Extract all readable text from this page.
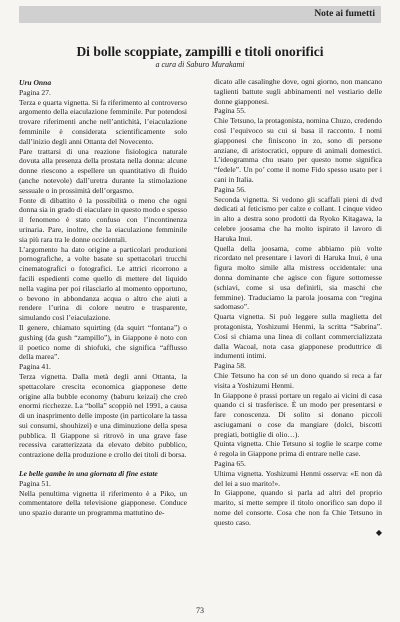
Note ai fumetti
Di bolle scoppiate, zampilli e titoli onorifici
a cura di Saburo Murakami

Uru Onna

Pagina 27.

Terza e quarta vignetta. Si fa riferimento al controverso argomento della eiaculazione femminile. Pur potendosi trovare riferimenti anche nell’antichità, l’eiaculazione femminile è considerata scientificamente solo dall’inizio degli anni Ottanta del Novecento.

Pare trattarsi di una reazione fisiologica naturale dovuta alla presenza della prostata nella donna: alcune donne riescono a espellere un quantitativo di fluido (anche notevole) dall’uretra durante la stimolazione sessuale o in prossimità dell’orgasmo.

Fonte di dibattito è la possibilità o meno che ogni donna sia in grado di eiaculare in questo modo e spesso il fenomeno è stato confuso con l’incontinenza urinaria. Pare, inoltre, che la eiaculazione femminile sia più rara tra le donne occidentali.

L’argomento ha dato origine a particolari produzioni pornografiche, a volte basate su spettacolari trucchi cinematografici o fotografici. Le attrici ricorrono a facili espedienti come quello di mettere del liquido nella vagina per poi rilasciarlo al momento opportuno, o bevono in abbondanza acqua o altro che aiuti a rendere l’urina di colore neutro e trasparente, simulando così l’eiaculazione.

Il genere, chiamato squirting (da squirt “fontana”) o gushing (da gush “zampillo”), in Giappone è noto con il poetico nome di shiofuki, che significa “afflusso della marea”.

Pagina 41.

Terza vignetta. Dalla metà degli anni Ottanta, la spettacolare crescita economica giapponese dette origine alla bubble economy (baburu keizai) che creò enormi ricchezze. La “bolla” scoppiò nel 1991, a causa di un inasprimento delle imposte (in particolare la tassa sui consumi, shouhizei) e una diminuzione della spesa pubblica. Il Giappone si ritrovò in una grave fase recessiva caratterizzata da elevato debito pubblico, contrazione della produzione e crollo dei titoli di borsa.

Le belle gambe in una giornata di fine estate

Pagina 51.

Nella penultima vignetta il riferimento è a Piko, un commentatore della televisione giapponese. Conduce uno spazio durante un programma mattutino de-

dicato alle casalinghe dove, ogni giorno, non mancano taglienti battute sugli abbinamenti nel vestiario delle donne giapponesi.

Pagina 55.

Chie Tetsuno, la protagonista, nomina Chuzo, credendo così l’equivoco su cui si basa il racconto. I nomi giapponesi che finiscono in zo, sono di persone anziane, di aristocratici, oppure di animali domestici. L’ideogramma chu usato per questo nome significa “fedele”. Un po’ come il nome Fido spesso usato per i cani in Italia.

Pagina 56.

Seconda vignetta. Si vedono gli scaffali pieni di dvd dedicati al feticismo per calze e collant. I cinque video in alto a destra sono prodotti da Ryoko Kitagawa, la celebre joosama che ha molto ispirato il lavoro di Haruka Inui.

Quella della joosama, come abbiamo più volte ricordato nel presentare i lavori di Haruka Inui, è una figura molto simile alla mistress occidentale: una donna dominante che agisce con figure sottomesse (schiavi, come si usa definirli, sia maschi che femmine). Traduciamo la parola joosama con “regina sadomaso”.

Quarta vignetta. Si può leggere sulla maglietta del protagonista, Yoshizumi Henmi, la scritta “Sabrina”. Così si chiama una linea di collant commercializzata dalla Wacoal, nota casa giapponese produttrice di indumenti intimi.

Pagina 58.

Chie Tetsuno ha con sé un dono quando si reca a far visita a Yoshizumi Henmi.

In Giappone è prassi portare un regalo ai vicini di casa quando ci si trasferisce. È un modo per presentarsi e fare conoscenza. Di solito si donano piccoli asciugamani o cose da mangiare (dolci, biscotti pregiati, bottiglie di olio…).

Quinta vignetta. Chie Tetsuno si toglie le scarpe come è regola in Giappone prima di entrare nelle case.

Pagina 65.

Ultima vignetta. Yoshizumi Henmi osserva: «E non dà del lei a suo marito!».

In Giappone, quando si parla ad altri del proprio marito, si mette sempre il titolo onorifico san dopo il nome del consorte. Cosa che non fa Chie Tetsuno in questo caso.

◆
73
